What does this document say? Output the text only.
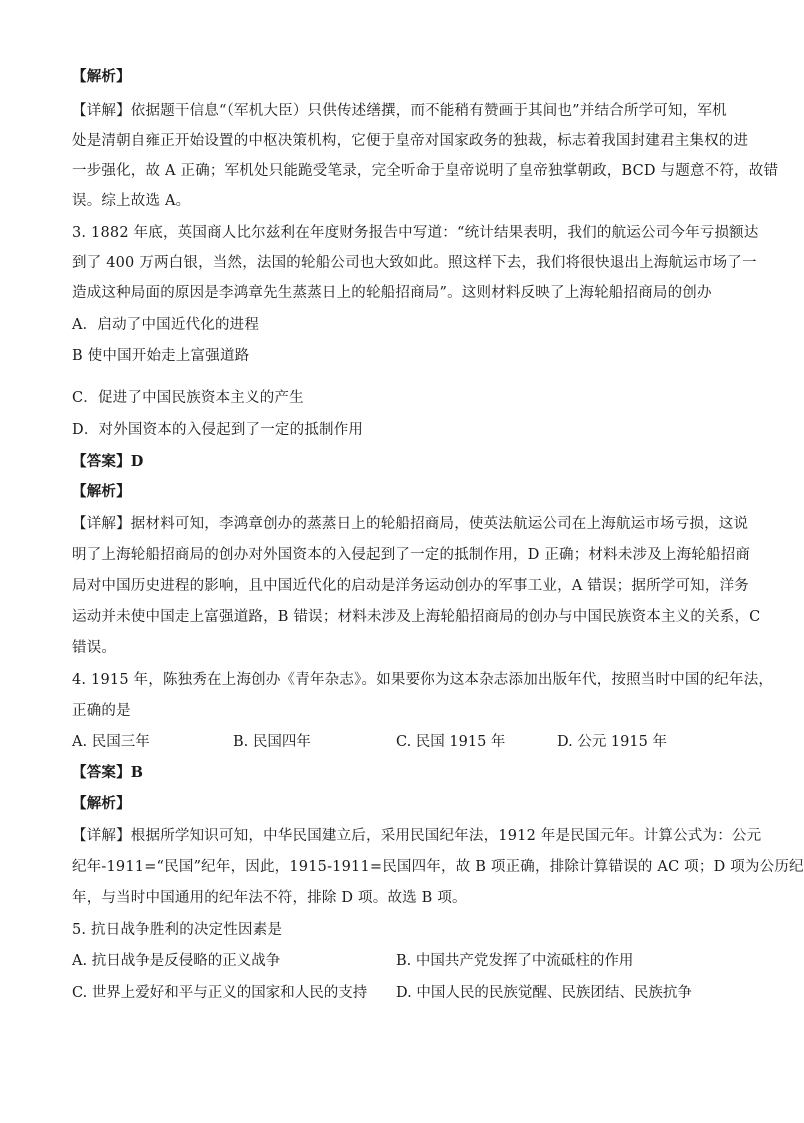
【解析】
【详解】依据题干信息“（军机大臣）只供传述缮撰，而不能稍有赞画于其间也”并结合所学可知，军机
处是清朝自雍正开始设置的中枢决策机构，它便于皇帝对国家政务的独裁，标志着我国封建君主集权的进
一步强化，故 A 正确；军机处只能跪受笔录，完全听命于皇帝说明了皇帝独掌朝政，BCD 与题意不符，故错
误。综上故选 A。
3. 1882 年底，英国商人比尔兹利在年度财务报告中写道：“统计结果表明，我们的航运公司今年亏损额达
到了 400 万两白银，当然，法国的轮船公司也大致如此。照这样下去，我们将很快退出上海航运市场了一
造成这种局面的原因是李鸿章先生蒸蒸日上的轮船招商局”。这则材料反映了上海轮船招商局的创办
A．启动了中国近代化的进程
B 使中国开始走上富强道路
C．促进了中国民族资本主义的产生
D．对外国资本的入侵起到了一定的抵制作用
【答案】D
【解析】
【详解】据材料可知，李鸿章创办的蒸蒸日上的轮船招商局，使英法航运公司在上海航运市场亏损，这说
明了上海轮船招商局的创办对外国资本的入侵起到了一定的抵制作用，D 正确；材料未涉及上海轮船招商
局对中国历史进程的影响，且中国近代化的启动是洋务运动创办的军事工业，A 错误；据所学可知，洋务
运动并未使中国走上富强道路，B 错误；材料未涉及上海轮船招商局的创办与中国民族资本主义的关系，C
错误。
4. 1915 年，陈独秀在上海创办《青年杂志》。如果要你为这本杂志添加出版年代，按照当时中国的纪年法，
正确的是
A. 民国三年	B. 民国四年	C. 民国 1915 年	D. 公元 1915 年
【答案】B
【解析】
【详解】根据所学知识可知，中华民国建立后，采用民国纪年法，1912 年是民国元年。计算公式为：公元
纪年-1911=“民国”纪年，因此，1915-1911=民国四年，故 B 项正确，排除计算错误的 AC 项；D 项为公历纪
年，与当时中国通用的纪年法不符，排除 D 项。故选 B 项。
5. 抗日战争胜利的决定性因素是
A. 抗日战争是反侵略的正义战争	B. 中国共产党发挥了中流砥柱的作用
C. 世界上爱好和平与正义的国家和人民的支持 D. 中国人民的民族觉醒、民族团结、民族抗争
